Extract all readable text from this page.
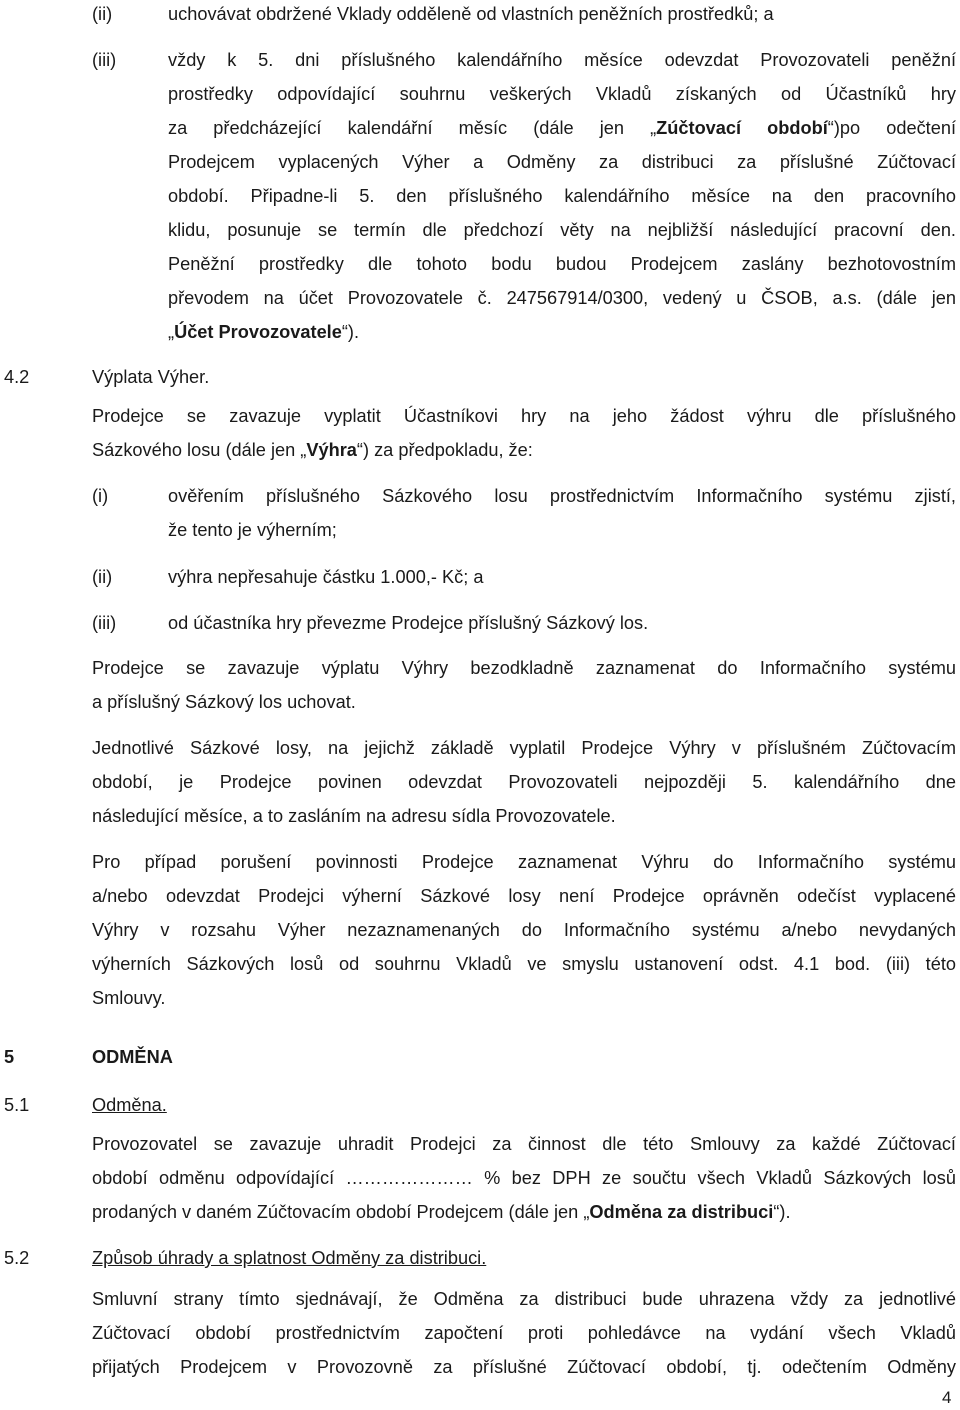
(ii)	uchovávat obdržené Vklady odděleně od vlastních peněžních prostředků; a
(iii)	vždy k 5. dni příslušného kalendářního měsíce odevzdat Provozovateli peněžní
prostředky odpovídající souhrnu veškerých Vkladů získaných od Účastníků hry
za předcházející kalendářní měsíc (dále jen „Zúčtovací období“)po odečtení
Prodejcem vyplacených Výher a Odměny za distribuci za příslušné Zúčtovací
období. Připadne-li 5. den příslušného kalendářního měsíce na den pracovního
klidu, posunuje se termín dle předchozí věty na nejbližší následující pracovní den.
Peněžní prostředky dle tohoto bodu budou Prodejcem zaslány bezhotovostním
převodem na účet Provozovatele č. 247567914/0300, vedený u ČSOB, a.s. (dále jen
„Účet Provozovatele“).
4.2	Výplata Výher.
Prodejce se zavazuje vyplatit Účastníkovi hry na jeho žádost výhru dle příslušného
Sázkového losu (dále jen „Výhra“) za předpokladu, že:
(i)	ověřením příslušného Sázkového losu prostřednictvím Informačního systému zjistí,
že tento je výherním;
(ii)	výhra nepřesahuje částku 1.000,- Kč; a
(iii)	od účastníka hry převezme Prodejce příslušný Sázkový los.
Prodejce se zavazuje výplatu Výhry bezodkladně zaznamenat do Informačního systému
a příslušný Sázkový los uchovat.
Jednotlivé Sázkové losy, na jejichž základě vyplatil Prodejce Výhry v příslušném Zúčtovacím
období, je Prodejce povinen odevzdat Provozovateli nejpozději 5. kalendářního dne
následující měsíce, a to zasláním na adresu sídla Provozovatele.
Pro případ porušení povinnosti Prodejce zaznamenat Výhru do Informačního systému
a/nebo odevzdat Prodejci výherní Sázkové losy není Prodejce oprávněn odečíst vyplacené
Výhry v rozsahu Výher nezaznamenaných do Informačního systému a/nebo nevydaných
výherních Sázkových losů od souhrnu Vkladů ve smyslu ustanovení odst. 4.1 bod. (iii) této
Smlouvy.
5	ODMĚNA
5.1	Odměna.
Provozovatel se zavazuje uhradit Prodejci za činnost dle této Smlouvy za každé Zúčtovací
období odměnu odpovídající ………………… % bez DPH ze součtu všech Vkladů Sázkových losů
prodaných v daném Zúčtovacím období Prodejcem (dále jen „Odměna za distribuci“).
5.2	Způsob úhrady a splatnost Odměny za distribuci.
Smluvní strany tímto sjednávají, že Odměna za distribuci bude uhrazena vždy za jednotlivé
Zúčtovací období prostřednictvím započtení proti pohledávce na vydání všech Vkladů
přijatých Prodejcem v Provozovně za příslušné Zúčtovací období, tj. odečtením Odměny
4
